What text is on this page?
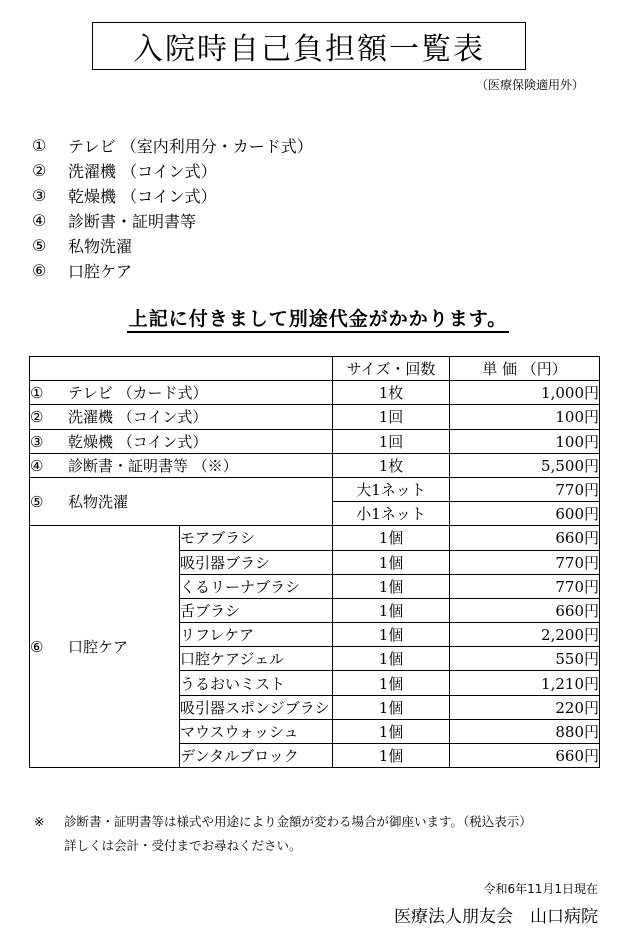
入院時自己負担額一覧表
（医療保険適用外）
①	テレビ （室内利用分・カード式）
②	洗濯機 （コイン式）
③	乾燥機 （コイン式）
④	診断書・証明書等
⑤	私物洗濯
⑥	口腔ケア
上記に付きまして別途代金がかかります。
		サイズ・回数	単 価 （円）
① テレビ （カード式）		1枚	1,000円
② 洗濯機 （コイン式）		1回	100円
③ 乾燥機 （コイン式）		1回	100円
④ 診断書・証明書等 （※）		1枚	5,500円
⑤ 私物洗濯		大1ネット	770円
		小1ネット	600円
⑥ 口腔ケア	モアブラシ	1個	660円
	吸引器ブラシ	1個	770円
	くるリーナブラシ	1個	770円
	舌ブラシ	1個	660円
	リフレケア	1個	2,200円
	口腔ケアジェル	1個	550円
	うるおいミスト	1個	1,210円
	吸引器スポンジブラシ	1個	220円
	マウスウォッシュ	1個	880円
	デンタルブロック	1個	660円
※ 診断書・証明書等は様式や用途により金額が変わる場合が御座います。（税込表示）
詳しくは会計・受付までお尋ねください。
令和6年11月1日現在
医療法人朋友会　山口病院
